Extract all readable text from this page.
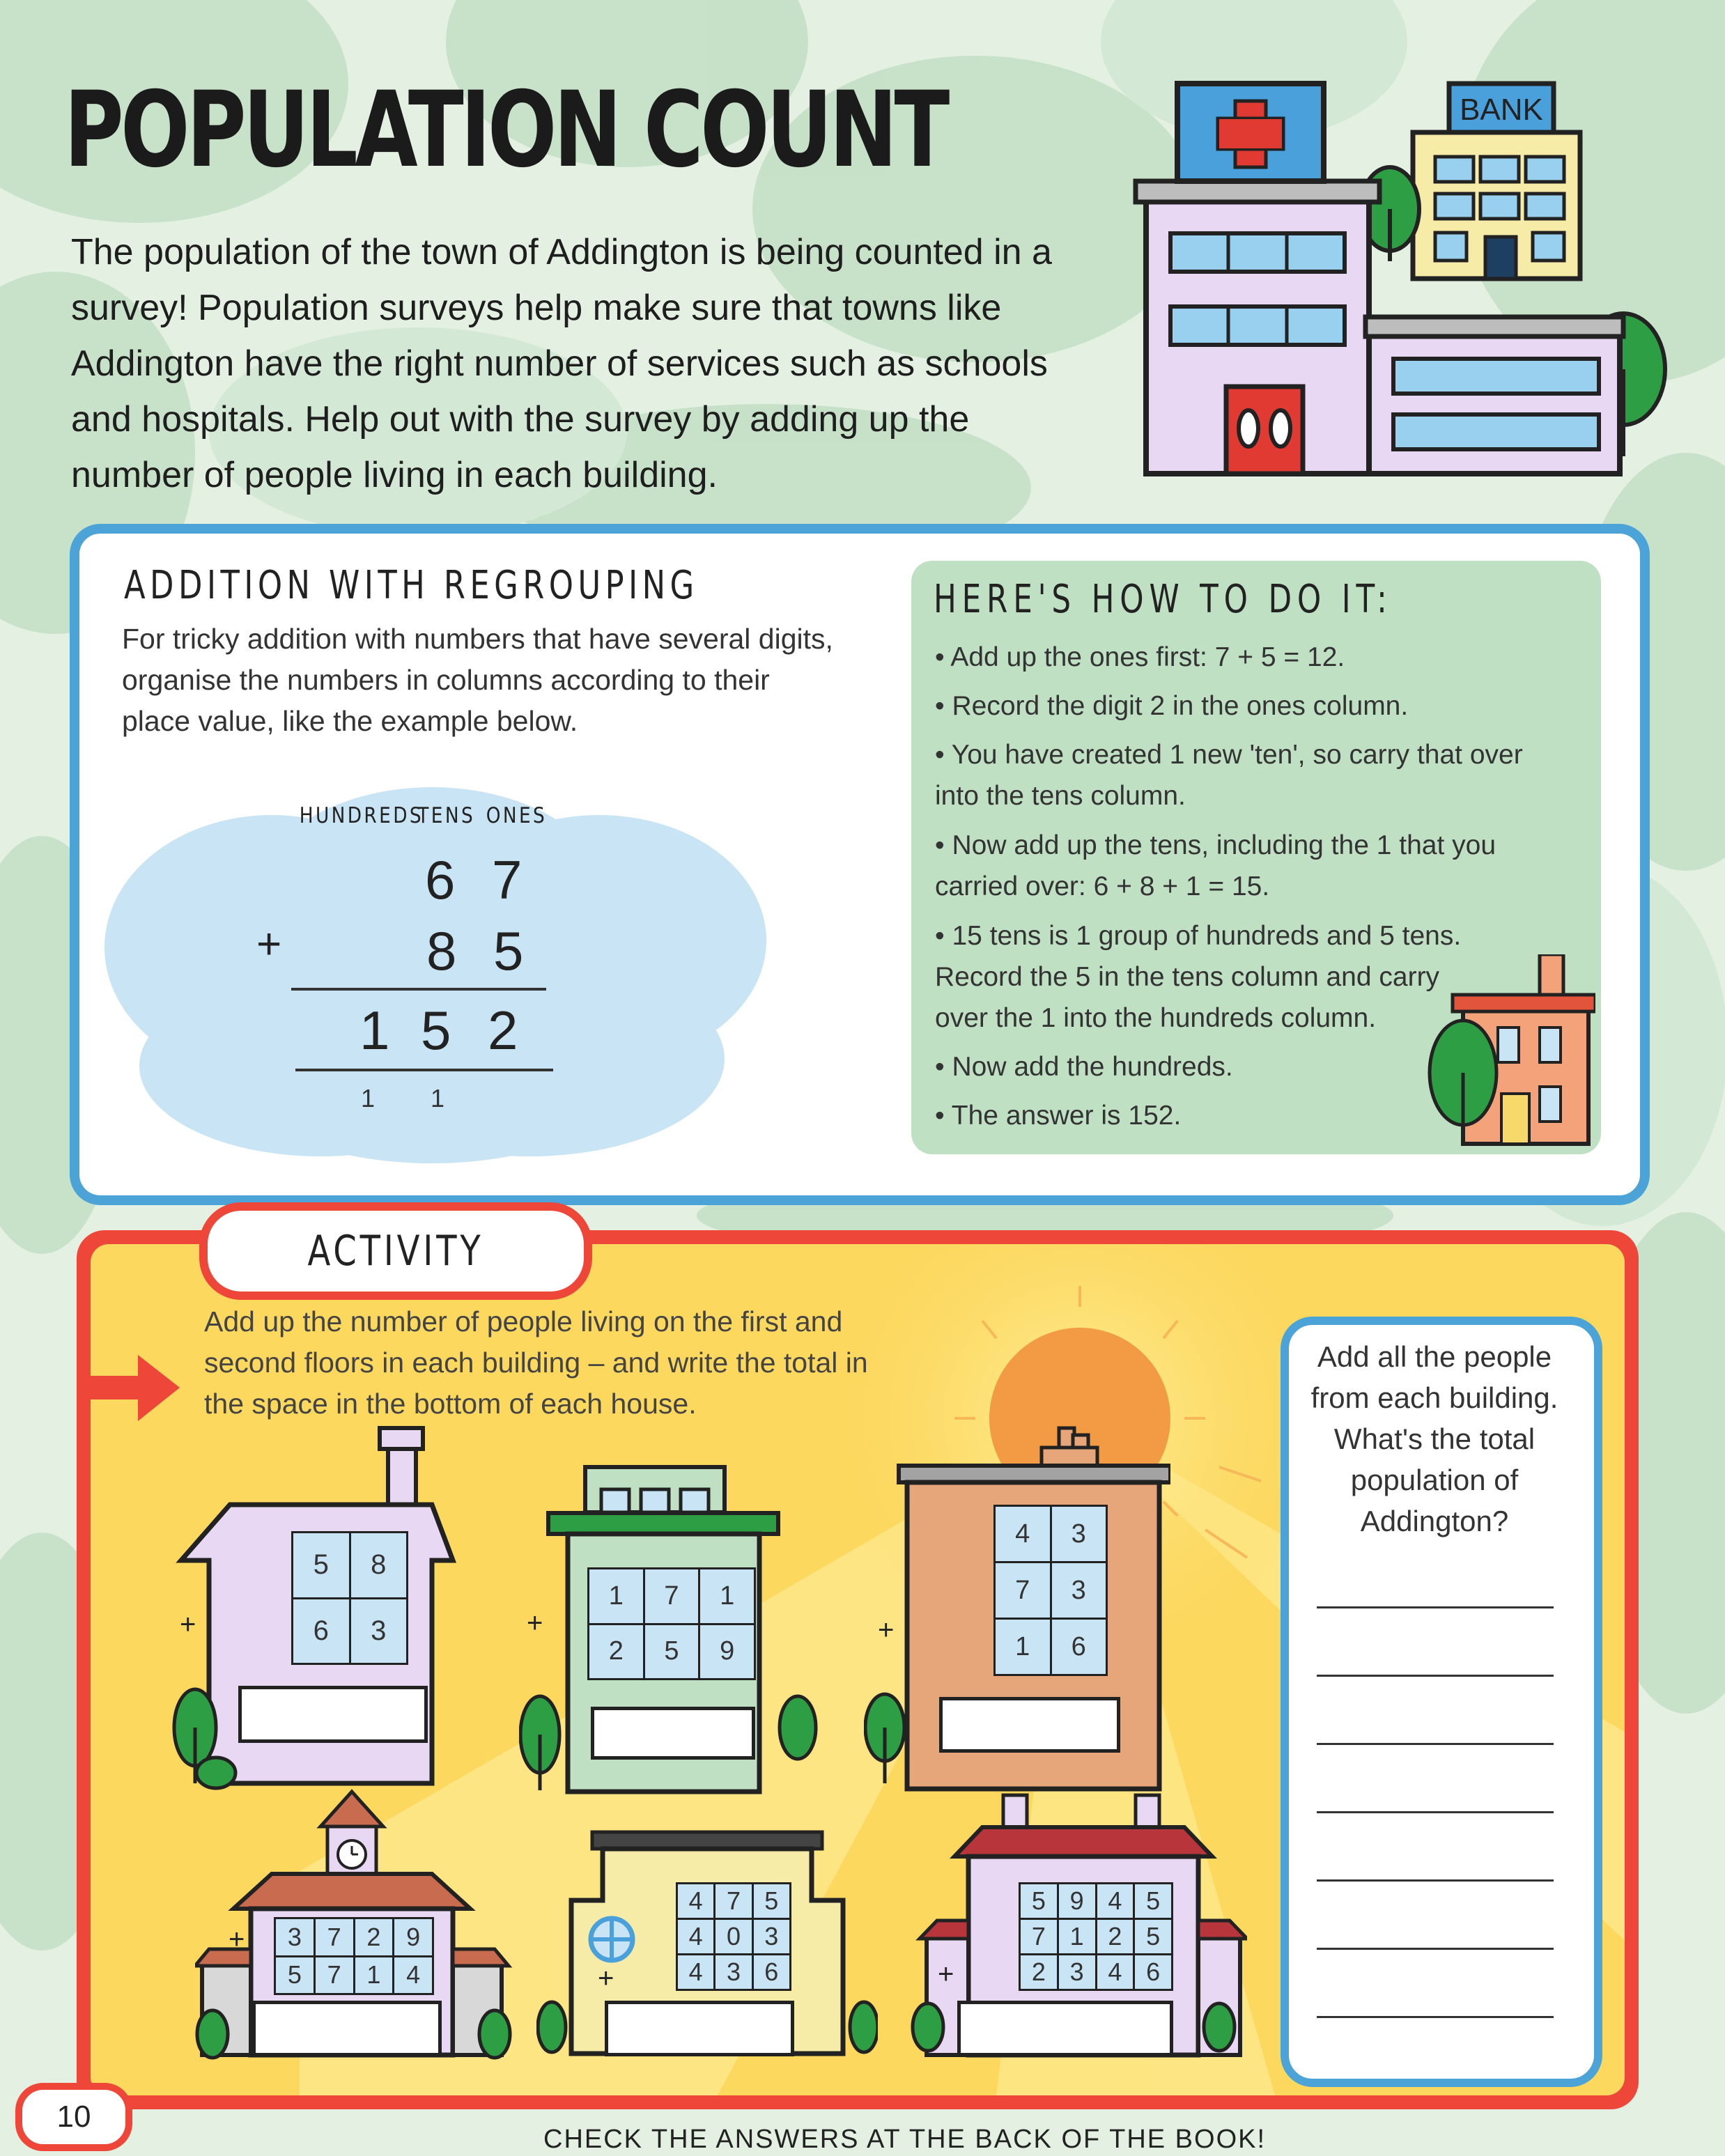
POPULATION COUNT
The population of the town of Addington is being counted in a survey! Population surveys help make sure that towns like Addington have the right number of services such as schools and hospitals. Help out with the survey by adding up the number of people living in each building.
BANK
ADDITION WITH REGROUPING
For tricky addition with numbers that have several digits, organise the numbers in columns according to their place value, like the example below.
HUNDREDS
TENS ONES
6 7
+	8 5
1 5 2
1 1
HERE'S HOW TO DO IT:
• Add up the ones first: 7 + 5 = 12.
• Record the digit 2 in the ones column.
• You have created 1 new 'ten', so carry that over into the tens column.
• Now add up the tens, including the 1 that you carried over: 6 + 8 + 1 = 15.
• 15 tens is 1 group of hundreds and 5 tens. Record the 5 in the tens column and carry over the 1 into the hundreds column.
• Now add the hundreds.
• The answer is 152.
ACTIVITY
Add up the number of people living on the first and second floors in each building – and write the total in the space in the bottom of each house.
5	8
6	3
+
1	7	1
2	5	9
+
4	3
7	3
1	6
+
3	7	2	9
5	7	1	4
+
4 7 5
4 0 3
4 3 6
+
5 9 4 5
7 1 2 5
2 3 4 6
+
Add all the people from each building. What's the total population of Addington?
10
CHECK THE ANSWERS AT THE BACK OF THE BOOK!
